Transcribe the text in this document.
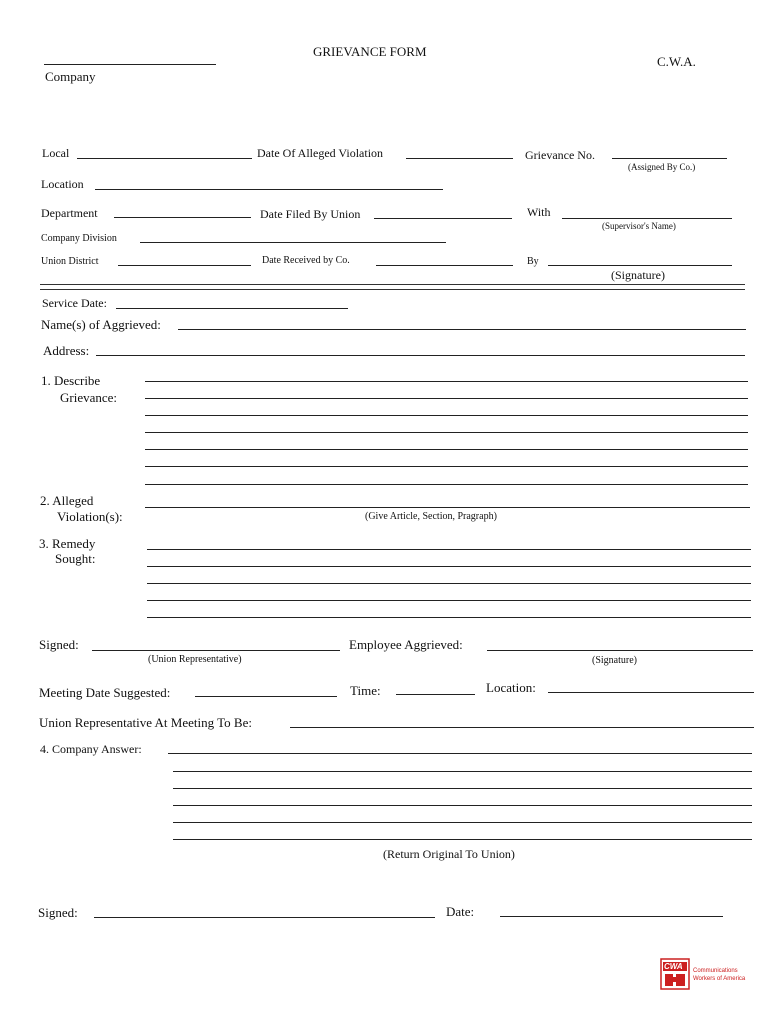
Company
GRIEVANCE FORM
C.W.A.
Local	Date Of Alleged Violation	Grievance No.
(Assigned By Co.)
Location
Department	Date Filed By Union	With
(Supervisor's Name)
Company Division
Union District	Date Received by Co.	By
(Signature)
Service Date:
Name(s) of Aggrieved:
Address:
1. Describe
Grievance:
2. Alleged
Violation(s):	(Give Article, Section, Pragraph)
3. Remedy
Sought:
Signed:
(Union Representative)
Employee Aggrieved:
(Signature)
Meeting Date Suggested:	Time:	Location:
Union Representative At Meeting To Be:
4. Company Answer:
(Return Original To Union)
Signed:	Date:
CWA Communications
Workers of America
